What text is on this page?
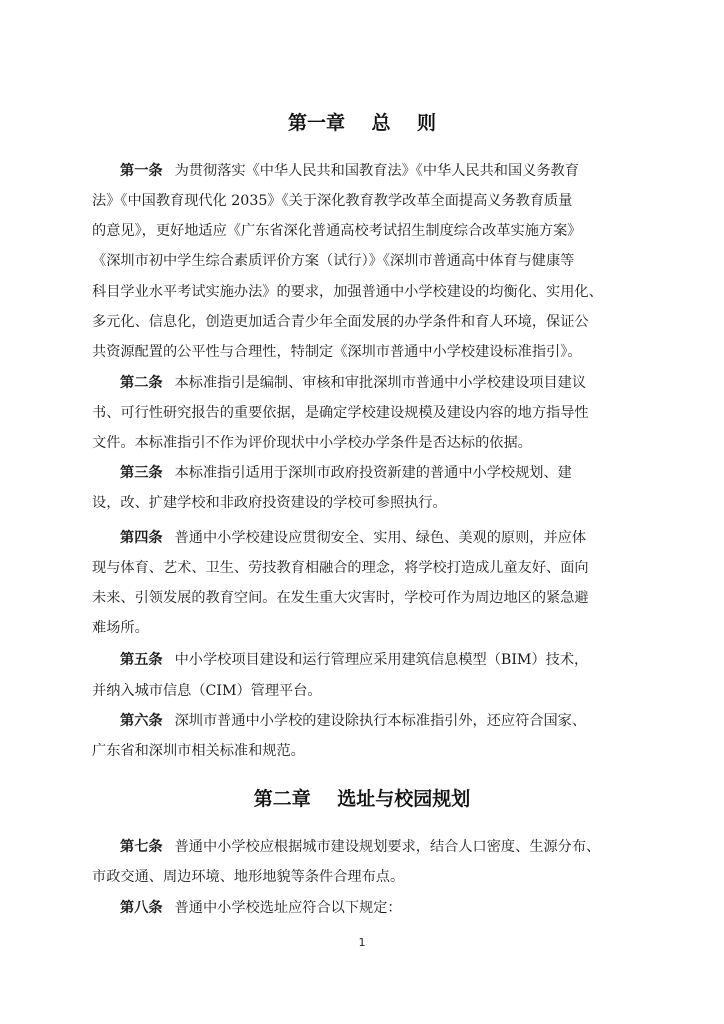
第一章    总    则
第一条 为贯彻落实《中华人民共和国教育法》《中华人民共和国义务教育
法》《中国教育现代化 2035》《关于深化教育教学改革全面提高义务教育质量
的意见》，更好地适应《广东省深化普通高校考试招生制度综合改革实施方案》
《深圳市初中学生综合素质评价方案（试行）》《深圳市普通高中体育与健康等
科目学业水平考试实施办法》的要求，加强普通中小学校建设的均衡化、实用化、
多元化、信息化，创造更加适合青少年全面发展的办学条件和育人环境，保证公
共资源配置的公平性与合理性，特制定《深圳市普通中小学校建设标准指引》。
第二条 本标准指引是编制、审核和审批深圳市普通中小学校建设项目建议
书、可行性研究报告的重要依据，是确定学校建设规模及建设内容的地方指导性
文件。本标准指引不作为评价现状中小学校办学条件是否达标的依据。
第三条 本标准指引适用于深圳市政府投资新建的普通中小学校规划、建
设，改、扩建学校和非政府投资建设的学校可参照执行。
第四条 普通中小学校建设应贯彻安全、实用、绿色、美观的原则，并应体
现与体育、艺术、卫生、劳技教育相融合的理念，将学校打造成儿童友好、面向
未来、引领发展的教育空间。在发生重大灾害时，学校可作为周边地区的紧急避
难场所。
第五条 中小学校项目建设和运行管理应采用建筑信息模型（BIM）技术，
并纳入城市信息（CIM）管理平台。
第六条 深圳市普通中小学校的建设除执行本标准指引外，还应符合国家、
广东省和深圳市相关标准和规范。
第二章    选址与校园规划
第七条 普通中小学校应根据城市建设规划要求，结合人口密度、生源分布、
市政交通、周边环境、地形地貌等条件合理布点。
第八条 普通中小学校选址应符合以下规定：
1
